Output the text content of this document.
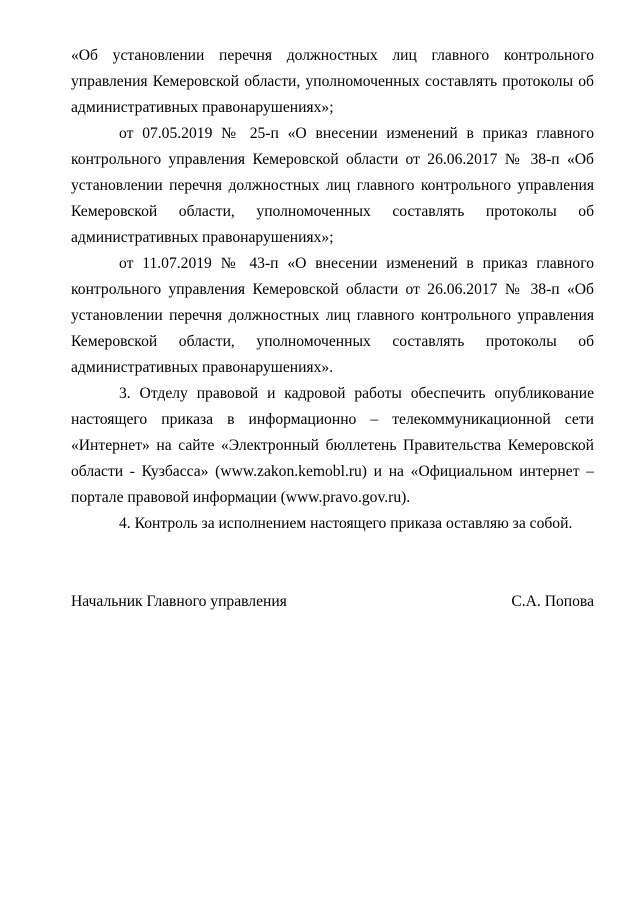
«Об установлении перечня должностных лиц главного контрольного управления Кемеровской области, уполномоченных составлять протоколы об административных правонарушениях»;

от 07.05.2019 № 25-п «О внесении изменений в приказ главного контрольного управления Кемеровской области от 26.06.2017 № 38-п «Об установлении перечня должностных лиц главного контрольного управления Кемеровской области, уполномоченных составлять протоколы об административных правонарушениях»;

от 11.07.2019 № 43-п «О внесении изменений в приказ главного контрольного управления Кемеровской области от 26.06.2017 № 38-п «Об установлении перечня должностных лиц главного контрольного управления Кемеровской области, уполномоченных составлять протоколы об административных правонарушениях».

3. Отделу правовой и кадровой работы обеспечить опубликование настоящего приказа в информационно – телекоммуникационной сети «Интернет» на сайте «Электронный бюллетень Правительства Кемеровской области - Кузбасса» (www.zakon.kemobl.ru) и на «Официальном интернет – портале правовой информации (www.pravo.gov.ru).

4. Контроль за исполнением настоящего приказа оставляю за собой.

Начальник Главного управления	С.А. Попова
